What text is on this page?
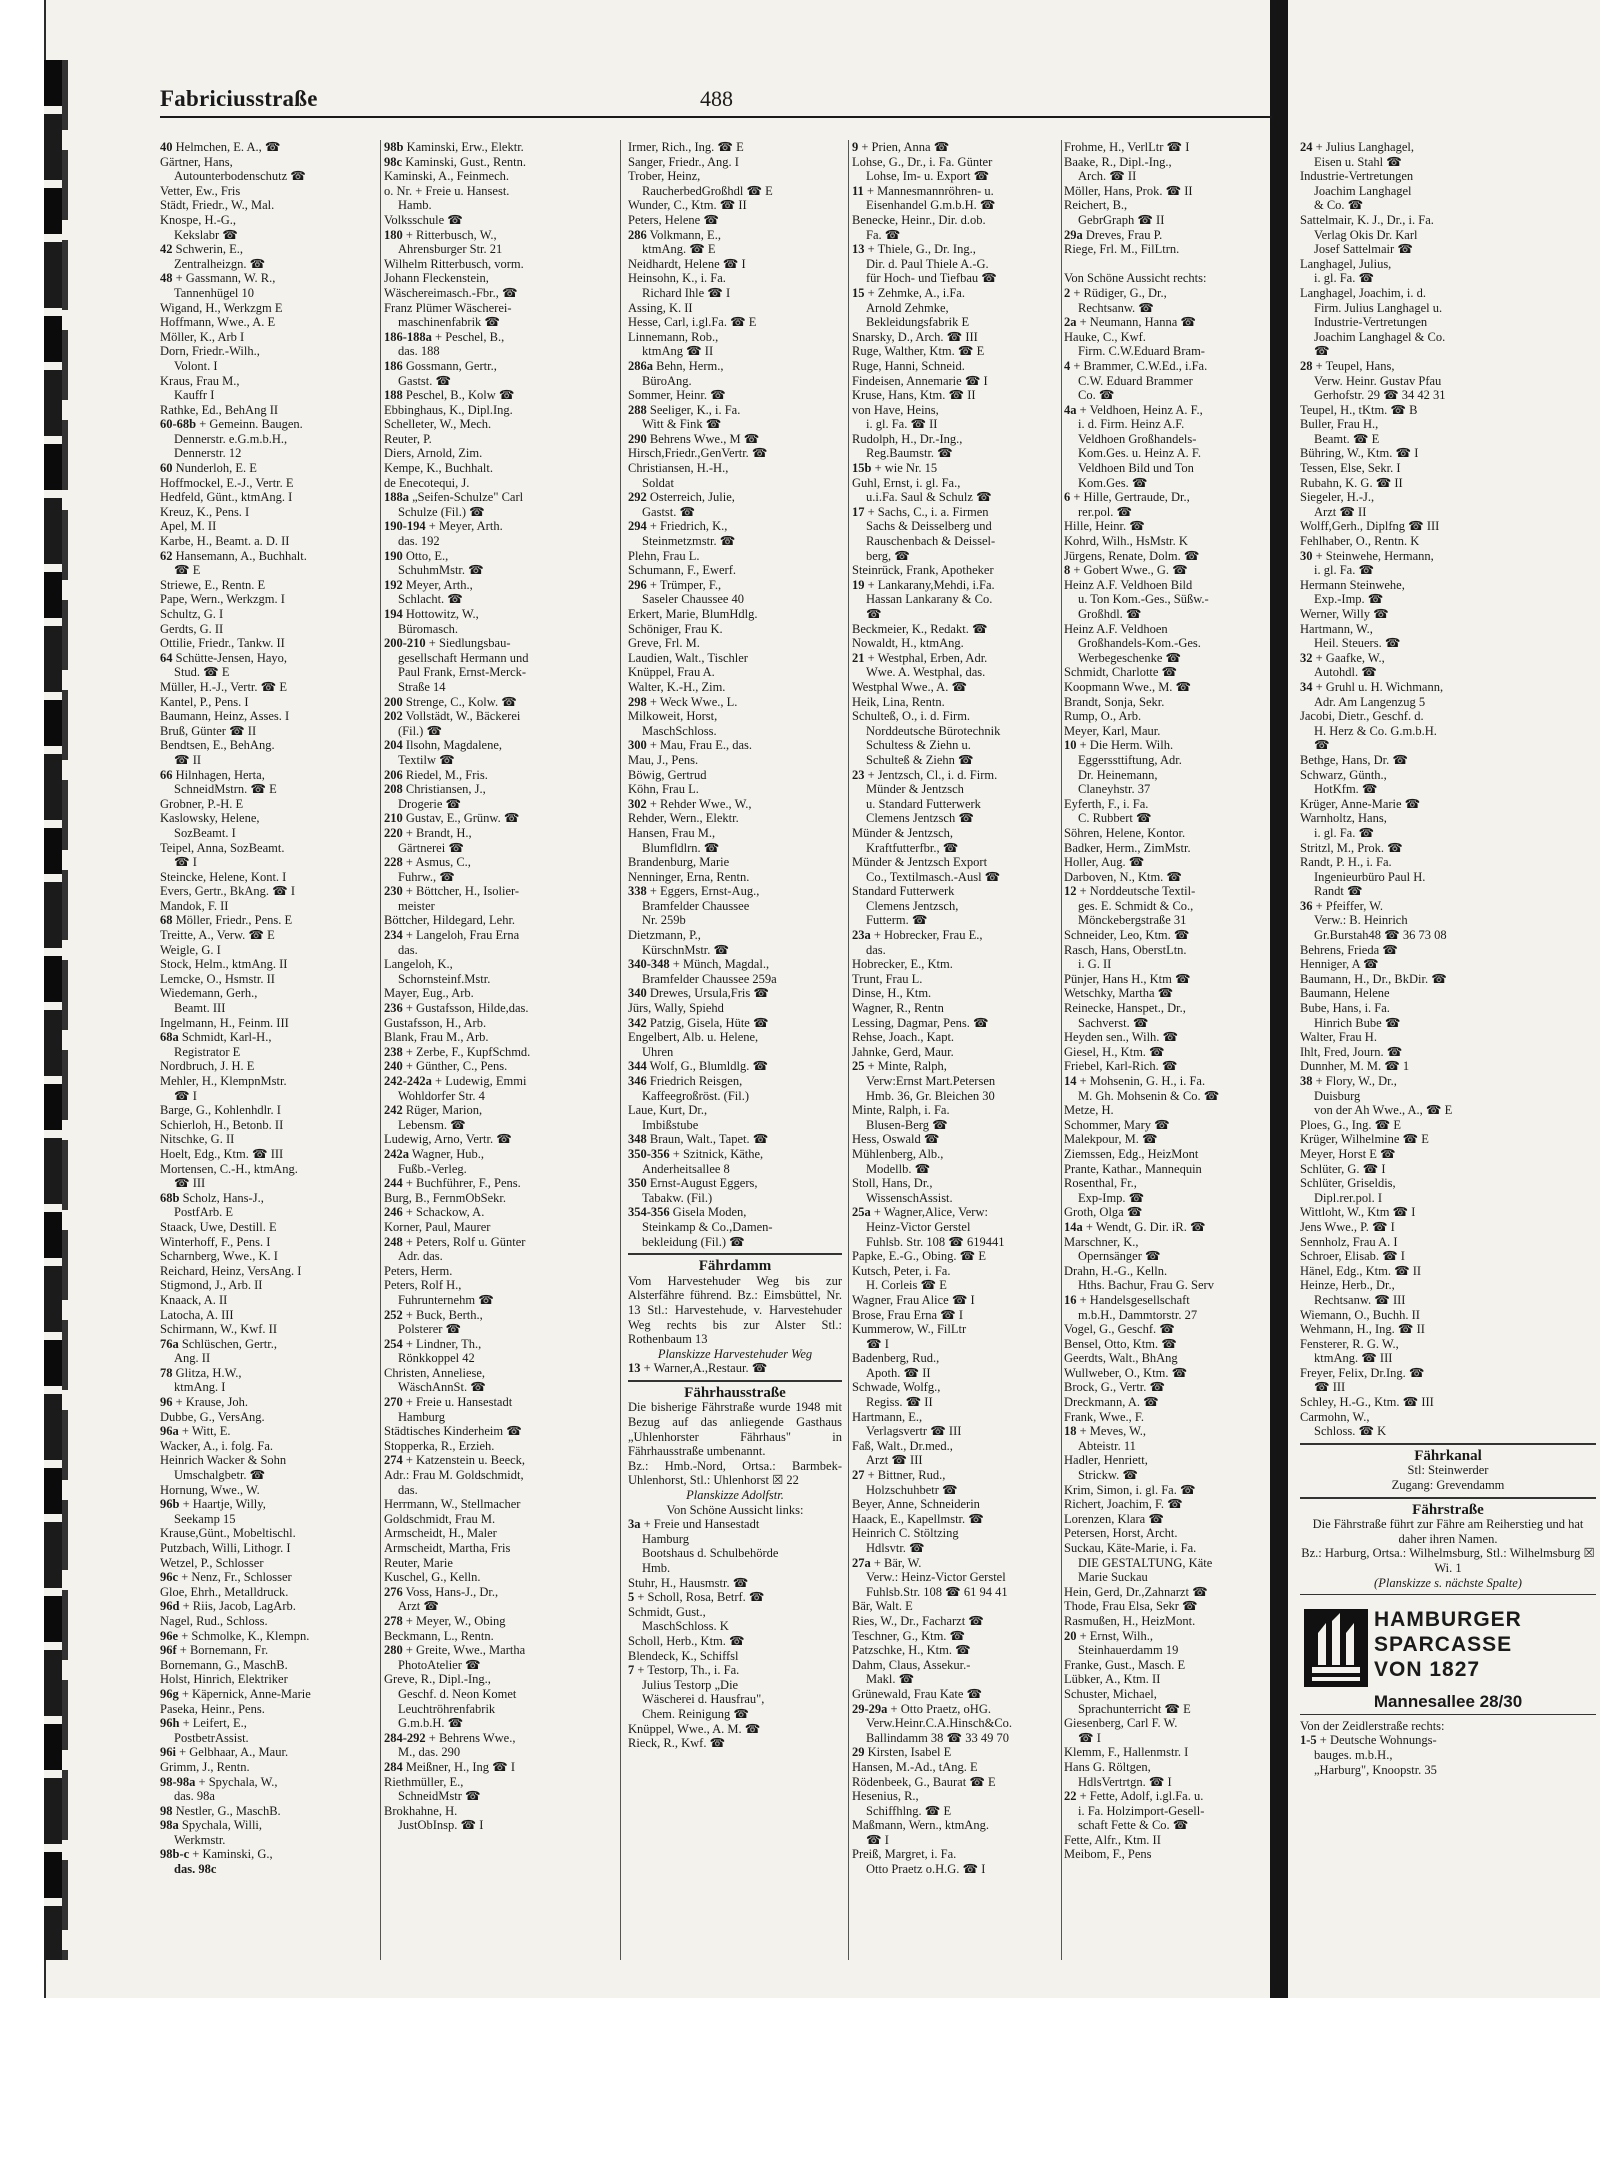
Fabriciusstraße	488

40 Helmchen, E. A., ☎

Gärtner, Hans,

Autounterbodenschutz ☎

Vetter, Ew., Fris

Städt, Friedr., W., Mal.

Knospe, H.-G.,

Kekslabr ☎

42 Schwerin, E.,

Zentralheizgn. ☎

48 + Gassmann, W. R.,

Tannenhügel 10

Wigand, H., Werkzgm E

Hoffmann, Wwe., A. E

Möller, K., Arb I

Dorn, Friedr.-Wilh.,

Volont. I

Kraus, Frau M.,

Kauffr I

Rathke, Ed., BehAng II

60-68b + Gemeinn. Baugen.

Dennerstr. e.G.m.b.H.,

Dennerstr. 12

60 Nunderloh, E. E

Hoffmockel, E.-J., Vertr. E

Hedfeld, Günt., ktmAng. I

Kreuz, K., Pens. I

Apel, M. II

Karbe, H., Beamt. a. D. II

62 Hansemann, A., Buchhalt.

☎ E

Striewe, E., Rentn. E

Pape, Wern., Werkzgm. I

Schultz, G. I

Gerdts, G. II

Ottilie, Friedr., Tankw. II

64 Schütte-Jensen, Hayo,

Stud. ☎ E

Müller, H.-J., Vertr. ☎ E

Kantel, P., Pens. I

Baumann, Heinz, Asses. I

Bruß, Günter ☎ II

Bendtsen, E., BehAng.

☎ II

66 Hilnhagen, Herta,

SchneidMstrn. ☎ E

Grobner, P.-H. E

Kaslowsky, Helene,

SozBeamt. I

Teipel, Anna, SozBeamt.

☎ I

Steincke, Helene, Kont. I

Evers, Gertr., BkAng. ☎ I

Mandok, F. II

68 Möller, Friedr., Pens. E

Treitte, A., Verw. ☎ E

Weigle, G. I

Stock, Helm., ktmAng. II

Lemcke, O., Hsmstr. II

Wiedemann, Gerh.,

Beamt. III

Ingelmann, H., Feinm. III

68a Schmidt, Karl-H.,

Registrator E

Nordbruch, J. H. E

Mehler, H., KlempnMstr.

☎ I

Barge, G., Kohlenhdlr. I

Schierloh, H., Betonb. II

Nitschke, G. II

Hoelt, Edg., Ktm. ☎ III

Mortensen, C.-H., ktmAng.

☎ III

68b Scholz, Hans-J.,

PostfArb. E

Staack, Uwe, Destill. E

Winterhoff, F., Pens. I

Scharnberg, Wwe., K. I

Reichard, Heinz, VersAng. I

Stigmond, J., Arb. II

Knaack, A. II

Latocha, A. III

Schirmann, W., Kwf. II

76a Schlüschen, Gertr.,

Ang. II

78 Glitza, H.W.,

ktmAng. I

96 + Krause, Joh.

Dubbe, G., VersAng.

96a + Witt, E.

Wacker, A., i. folg. Fa.

Heinrich Wacker & Sohn

Umschalgbetr. ☎

Hornung, Wwe., W.

96b + Haartje, Willy,

Seekamp 15

Krause,Günt., Mobeltischl.

Putzbach, Willi, Lithogr. I

Wetzel, P., Schlosser

96c + Nenz, Fr., Schlosser

Gloe, Ehrh., Metalldruck.

96d + Riis, Jacob, LagArb.

Nagel, Rud., Schloss.

96e + Schmolke, K., Klempn.

96f + Bornemann, Fr.

Bornemann, G., MaschB.

Holst, Hinrich, Elektriker

96g + Käpernick, Anne-Marie

Paseka, Heinr., Pens.

96h + Leifert, E.,

PostbetrAssist.

96i + Gelbhaar, A., Maur.

Grimm, J., Rentn.

98-98a + Spychala, W.,

das. 98a

98 Nestler, G., MaschB.

98a Spychala, Willi,

Werkmstr.

98b-c + Kaminski, G.,

das. 98c

98b Kaminski, Erw., Elektr.

98c Kaminski, Gust., Rentn.

Kaminski, A., Feinmech.

o. Nr. + Freie u. Hansest.

Hamb.

Volksschule ☎

180 + Ritterbusch, W.,

Ahrensburger Str. 21

Wilhelm Ritterbusch, vorm.

Johann Fleckenstein,

Wäschereimasch.-Fbr., ☎

Franz Plümer Wäscherei-

maschinenfabrik ☎

186-188a + Peschel, B.,

das. 188

186 Gossmann, Gertr.,

Gastst. ☎

188 Peschel, B., Kolw ☎

Ebbinghaus, K., Dipl.Ing.

Schelleter, W., Mech.

Reuter, P.

Diers, Arnold, Zim.

Kempe, K., Buchhalt.

de Enecotequi, J.

188a „Seifen-Schulze" Carl

Schulze (Fil.) ☎

190-194 + Meyer, Arth.

das. 192

190 Otto, E.,

SchuhmMstr. ☎

192 Meyer, Arth.,

Schlacht. ☎

194 Hottowitz, W.,

Büromasch.

200-210 + Siedlungsbau-

gesellschaft Hermann und

Paul Frank, Ernst-Merck-

Straße 14

200 Strenge, C., Kolw. ☎

202 Vollstädt, W., Bäckerei

(Fil.) ☎

204 Ilsohn, Magdalene,

Textilw ☎

206 Riedel, M., Fris.

208 Christiansen, J.,

Drogerie ☎

210 Gustav, E., Grünw. ☎

220 + Brandt, H.,

Gärtnerei ☎

228 + Asmus, C.,

Fuhrw., ☎

230 + Böttcher, H., Isolier-

meister

Böttcher, Hildegard, Lehr.

234 + Langeloh, Frau Erna

das.

Langeloh, K.,

Schornsteinf.Mstr.

Mayer, Eug., Arb.

236 + Gustafsson, Hilde,das.

Gustafsson, H., Arb.

Blank, Frau M., Arb.

238 + Zerbe, F., KupfSchmd.

240 + Günther, C., Pens.

242-242a + Ludewig, Emmi

Wohldorfer Str. 4

242 Rüger, Marion,

Lebensm. ☎

Ludewig, Arno, Vertr. ☎

242a Wagner, Hub.,

Fußb.-Verleg.

244 + Buchführer, F., Pens.

Burg, B., FernmObSekr.

246 + Schackow, A.

Korner, Paul, Maurer

248 + Peters, Rolf u. Günter

Adr. das.

Peters, Herm.

Peters, Rolf H.,

Fuhrunternehm ☎

252 + Buck, Berth.,

Polsterer ☎

254 + Lindner, Th.,

Rönkkoppel 42

Christen, Anneliese,

WäschAnnSt. ☎

270 + Freie u. Hansestadt

Hamburg

Städtisches Kinderheim ☎

Stopperka, R., Erzieh.

274 + Katzenstein u. Beeck,

Adr.: Frau M. Goldschmidt,

das.

Herrmann, W., Stellmacher

Goldschmidt, Frau M.

Armscheidt, H., Maler

Armscheidt, Martha, Fris

Reuter, Marie

Kuschel, G., Kelln.

276 Voss, Hans-J., Dr.,

Arzt ☎

278 + Meyer, W., Obing

Beckmann, L., Rentn.

280 + Greite, Wwe., Martha

PhotoAtelier ☎

Greve, R., Dipl.-Ing.,

Geschf. d. Neon Komet

Leuchtröhrenfabrik

G.m.b.H. ☎

284-292 + Behrens Wwe.,

M., das. 290

284 Meißner, H., Ing ☎ I

Riethmüller, E.,

SchneidMstr ☎

Brokhahne, H.

JustObInsp. ☎ I

Irmer, Rich., Ing. ☎ E

Sanger, Friedr., Ang. I

Trober, Heinz,

RaucherbedGroßhdl ☎ E

Wunder, C., Ktm. ☎ II

Peters, Helene ☎

286 Volkmann, E.,

ktmAng. ☎ E

Neidhardt, Helene ☎ I

Heinsohn, K., i. Fa.

Richard Ihle ☎ I

Assing, K. II

Hesse, Carl, i.gl.Fa. ☎ E

Linnemann, Rob.,

ktmAng ☎ II

286a Behn, Herm.,

BüroAng.

Sommer, Heinr. ☎

288 Seeliger, K., i. Fa.

Witt & Fink ☎

290 Behrens Wwe., M ☎

Hirsch,Friedr.,GenVertr. ☎

Christiansen, H.-H.,

Soldat

292 Osterreich, Julie,

Gastst. ☎

294 + Friedrich, K.,

Steinmetzmstr. ☎

Plehn, Frau L.

Schumann, F., Ewerf.

296 + Trümper, F.,

Saseler Chaussee 40

Erkert, Marie, BlumHdlg.

Schöniger, Frau K.

Greve, Frl. M.

Laudien, Walt., Tischler

Knüppel, Frau A.

Walter, K.-H., Zim.

298 + Weck Wwe., L.

Milkoweit, Horst,

MaschSchloss.

300 + Mau, Frau E., das.

Mau, J., Pens.

Böwig, Gertrud

Köhn, Frau L.

302 + Rehder Wwe., W.,

Rehder, Wern., Elektr.

Hansen, Frau M.,

Blumfldlrn. ☎

Brandenburg, Marie

Nenninger, Erna, Rentn.

338 + Eggers, Ernst-Aug.,

Bramfelder Chaussee

Nr. 259b

Dietzmann, P.,

KürschnMstr. ☎

340-348 + Münch, Magdal.,

Bramfelder Chaussee 259a

340 Drewes, Ursula,Fris ☎

Jürs, Wally, Spiehd

342 Patzig, Gisela, Hüte ☎

Engelbert, Alb. u. Helene,

Uhren

344 Wolf, G., Blumldlg. ☎

346 Friedrich Reisgen,

Kaffeegroßröst. (Fil.)

Laue, Kurt, Dr.,

Imbißstube

348 Braun, Walt., Tapet. ☎

350-356 + Szitnick, Käthe,

Anderheitsallee 8

350 Ernst-August Eggers,

Tabakw. (Fil.)

354-356 Gisela Moden,

Steinkamp & Co.,Damen-

bekleidung (Fil.) ☎

Fährdamm

Vom Harvestehuder Weg bis zur Alsterfähre führend. Bz.: Eimsbüttel, Nr. 13 Stl.: Harvestehude, v. Harvestehuder Weg rechts bis zur Alster Stl.: Rothenbaum 13

Planskizze Harvestehuder Weg

13 + Warner,A.,Restaur. ☎

Fährhausstraße

Die bisherige Fährstraße wurde 1948 mit Bezug auf das anliegende Gasthaus „Uhlenhorster Fährhaus" in Fährhausstraße umbenannt.

Bz.: Hmb.-Nord, Ortsa.: Barmbek-Uhlenhorst, Stl.: Uhlenhorst ☒ 22

Planskizze Adolfstr.

Von Schöne Aussicht links:

3a + Freie und Hansestadt

Hamburg

Bootshaus d. Schulbehörde

Hmb.

Stuhr, H., Hausmstr. ☎

5 + Scholl, Rosa, Betrf. ☎

Schmidt, Gust.,

MaschSchloss. K

Scholl, Herb., Ktm. ☎

Blendeck, K., Schiffsl

7 + Testorp, Th., i. Fa.

Julius Testorp „Die

Wäscherei d. Hausfrau",

Chem. Reinigung ☎

Knüppel, Wwe., A. M. ☎

Rieck, R., Kwf. ☎

9 + Prien, Anna ☎

Lohse, G., Dr., i. Fa. Günter

Lohse, Im- u. Export ☎

11 + Mannesmannröhren- u.

Eisenhandel G.m.b.H. ☎

Benecke, Heinr., Dir. d.ob.

Fa. ☎

13 + Thiele, G., Dr. Ing.,

Dir. d. Paul Thiele A.-G.

für Hoch- und Tiefbau ☎

15 + Zehmke, A., i.Fa.

Arnold Zehmke,

Bekleidungsfabrik E

Snarsky, D., Arch. ☎ III

Ruge, Walther, Ktm. ☎ E

Ruge, Hanni, Schneid.

Findeisen, Annemarie ☎ I

Kruse, Hans, Ktm. ☎ II

von Have, Heins,

i. gl. Fa. ☎ II

Rudolph, H., Dr.-Ing.,

Reg.Baumstr. ☎

15b + wie Nr. 15

Guhl, Ernst, i. gl. Fa.,

u.i.Fa. Saul & Schulz ☎

17 + Sachs, C., i. a. Firmen

Sachs & Deisselberg und

Rauschenbach & Deissel-

berg, ☎

Steinrück, Frank, Apotheker

19 + Lankarany,Mehdi, i.Fa.

Hassan Lankarany & Co.

☎

Beckmeier, K., Redakt. ☎

Nowaldt, H., ktmAng.

21 + Westphal, Erben, Adr.

Wwe. A. Westphal, das.

Westphal Wwe., A. ☎

Heik, Lina, Rentn.

Schulteß, O., i. d. Firm.

Norddeutsche Bürotechnik

Schultess & Ziehn u.

Schulteß & Ziehn ☎

23 + Jentzsch, Cl., i. d. Firm.

Münder & Jentzsch

u. Standard Futterwerk

Clemens Jentzsch ☎

Münder & Jentzsch,

Kraftfutterfbr., ☎

Münder & Jentzsch Export

Co., Textilmasch.-Ausl ☎

Standard Futterwerk

Clemens Jentzsch,

Futterm. ☎

23a + Hobrecker, Frau E.,

das.

Hobrecker, E., Ktm.

Trunt, Frau L.

Dinse, H., Ktm.

Wagner, R., Rentn

Lessing, Dagmar, Pens. ☎

Rehse, Joach., Kapt.

Jahnke, Gerd, Maur.

25 + Minte, Ralph,

Verw:Ernst Mart.Petersen

Hmb. 36, Gr. Bleichen 30

Minte, Ralph, i. Fa.

Blusen-Berg ☎

Hess, Oswald ☎

Mühlenberg, Alb.,

Modellb. ☎

Stoll, Hans, Dr.,

WissenschAssist.

25a + Wagner,Alice, Verw:

Heinz-Victor Gerstel

Fuhlsb. Str. 108 ☎ 619441

Papke, E.-G., Obing. ☎ E

Kutsch, Peter, i. Fa.

H. Corleis ☎ E

Wagner, Frau Alice ☎ I

Brose, Frau Erna ☎ I

Kummerow, W., FilLtr

☎ I

Badenberg, Rud.,

Apoth. ☎ II

Schwade, Wolfg.,

Regiss. ☎ II

Hartmann, E.,

Verlagsvertr ☎ III

Faß, Walt., Dr.med.,

Arzt ☎ III

27 + Bittner, Rud.,

Holzschuhbetr ☎

Beyer, Anne, Schneiderin

Haack, E., Kapellmstr. ☎

Heinrich C. Stöltzing

Hdlsvtr. ☎

27a + Bär, W.

Verw.: Heinz-Victor Gerstel

Fuhlsb.Str. 108 ☎ 61 94 41

Bär, Walt. E

Ries, W., Dr., Facharzt ☎

Teschner, G., Ktm. ☎

Patzschke, H., Ktm. ☎

Dahm, Claus, Assekur.-

Makl. ☎

Grünewald, Frau Kate ☎

29-29a + Otto Praetz, oHG.

Verw.Heinr.C.A.Hinsch&Co.

Ballindamm 38 ☎ 33 49 70

29 Kirsten, Isabel E

Hansen, M.-Ad., tAng. E

Rödenbeek, G., Baurat ☎ E

Hesenius, R.,

Schiffhlng. ☎ E

Maßmann, Wern., ktmAng.

☎ I

Preiß, Margret, i. Fa.

Otto Praetz o.H.G. ☎ I

Frohme, H., VerlLtr ☎ I

Baake, R., Dipl.-Ing.,

Arch. ☎ II

Möller, Hans, Prok. ☎ II

Reichert, B.,

GebrGraph ☎ II

29a Dreves, Frau P.

Riege, Frl. M., FilLtrn.

Von Schöne Aussicht rechts:

2 + Rüdiger, G., Dr.,

Rechtsanw. ☎

2a + Neumann, Hanna ☎

Hauke, C., Kwf.

Firm. C.W.Eduard Bram-

4 + Brammer, C.W.Ed., i.Fa.

C.W. Eduard Brammer

Co. ☎

4a + Veldhoen, Heinz A. F.,

i. d. Firm. Heinz A.F.

Veldhoen Großhandels-

Kom.Ges. u. Heinz A. F.

Veldhoen Bild und Ton

Kom.Ges. ☎

6 + Hille, Gertraude, Dr.,

rer.pol. ☎

Hille, Heinr. ☎

Kohrd, Wilh., HsMstr. K

Jürgens, Renate, Dolm. ☎

8 + Gobert Wwe., G. ☎

Heinz A.F. Veldhoen Bild

u. Ton Kom.-Ges., Süßw.-

Großhdl. ☎

Heinz A.F. Veldhoen

Großhandels-Kom.-Ges.

Werbegeschenke ☎

Schmidt, Charlotte ☎

Koopmann Wwe., M. ☎

Brandt, Sonja, Sekr.

Rump, O., Arb.

Meyer, Karl, Maur.

10 + Die Herm. Wilh.

Eggerssttiftung, Adr.

Dr. Heinemann,

Claneyhstr. 37

Eyferth, F., i. Fa.

C. Rubbert ☎

Söhren, Helene, Kontor.

Badker, Herm., ZimMstr.

Holler, Aug. ☎

Darboven, N., Ktm. ☎

12 + Norddeutsche Textil-

ges. E. Schmidt & Co.,

Mönckebergstraße 31

Schneider, Leo, Ktm. ☎

Rasch, Hans, OberstLtn.

i. G. II

Pünjer, Hans H., Ktm ☎

Wetschky, Martha ☎

Reinecke, Hanspet., Dr.,

Sachverst. ☎

Heyden sen., Wilh. ☎

Giesel, H., Ktm. ☎

Friebel, Karl-Rich. ☎

14 + Mohsenin, G. H., i. Fa.

M. Gh. Mohsenin & Co. ☎

Metze, H.

Schommer, Mary ☎

Malekpour, M. ☎

Ziemssen, Edg., HeizMont

Prante, Kathar., Mannequin

Rosenthal, Fr.,

Exp-Imp. ☎

Groth, Olga ☎

14a + Wendt, G. Dir. iR. ☎

Marschner, K.,

Opernsänger ☎

Drahn, H.-G., Kelln.

Hths. Bachur, Frau G. Serv

16 + Handelsgesellschaft

m.b.H., Dammtorstr. 27

Vogel, G., Geschf. ☎

Bensel, Otto, Ktm. ☎

Geerdts, Walt., BhAng

Wullweber, O., Ktm. ☎

Brock, G., Vertr. ☎

Dreckmann, A. ☎

Frank, Wwe., F.

18 + Meves, W.,

Abteistr. 11

Hadler, Henriett,

Strickw. ☎

Krim, Simon, i. gl. Fa. ☎

Richert, Joachim, F. ☎

Lorenzen, Klara ☎

Petersen, Horst, Archt.

Suckau, Käte-Marie, i. Fa.

DIE GESTALTUNG, Käte

Marie Suckau

Hein, Gerd, Dr.,Zahnarzt ☎

Thode, Frau Elsa, Sekr ☎

Rasmußen, H., HeizMont.

20 + Ernst, Wilh.,

Steinhauerdamm 19

Franke, Gust., Masch. E

Lübker, A., Ktm. II

Schuster, Michael,

Sprachunterricht ☎ E

Giesenberg, Carl F. W.

☎ I

Klemm, F., Hallenmstr. I

Hans G. Röltgen,

HdlsVertrtgn. ☎ I

22 + Fette, Adolf, i.gl.Fa. u.

i. Fa. Holzimport-Gesell-

schaft Fette & Co. ☎

Fette, Alfr., Ktm. II

Meibom, F., Pens

24 + Julius Langhagel,

Eisen u. Stahl ☎

Industrie-Vertretungen

Joachim Langhagel

& Co. ☎

Sattelmair, K. J., Dr., i. Fa.

Verlag Okis Dr. Karl

Josef Sattelmair ☎

Langhagel, Julius,

i. gl. Fa. ☎

Langhagel, Joachim, i. d.

Firm. Julius Langhagel u.

Industrie-Vertretungen

Joachim Langhagel & Co.

☎

28 + Teupel, Hans,

Verw. Heinr. Gustav Pfau

Gerhofstr. 29 ☎ 34 42 31

Teupel, H., tKtm. ☎ B

Buller, Frau H.,

Beamt. ☎ E

Bühring, W., Ktm. ☎ I

Tessen, Else, Sekr. I

Rubahn, K. G. ☎ II

Siegeler, H.-J.,

Arzt ☎ II

Wolff,Gerh., Diplfng ☎ III

Fehlhaber, O., Rentn. K

30 + Steinwehe, Hermann,

i. gl. Fa. ☎

Hermann Steinwehe,

Exp.-Imp. ☎

Werner, Willy ☎

Hartmann, W.,

Heil. Steuers. ☎

32 + Gaafke, W.,

Autohdl. ☎

34 + Gruhl u. H. Wichmann,

Adr. Am Langenzug 5

Jacobi, Dietr., Geschf. d.

H. Herz & Co. G.m.b.H.

☎

Bethge, Hans, Dr. ☎

Schwarz, Günth.,

HotKfm. ☎

Krüger, Anne-Marie ☎

Warnholtz, Hans,

i. gl. Fa. ☎

Stritzl, M., Prok. ☎

Randt, P. H., i. Fa.

Ingenieurbüro Paul H.

Randt ☎

36 + Pfeiffer, W.

Verw.: B. Heinrich

Gr.Burstah48 ☎ 36 73 08

Behrens, Frieda ☎

Henniger, A ☎

Baumann, H., Dr., BkDir. ☎

Baumann, Helene

Bube, Hans, i. Fa.

Hinrich Bube ☎

Walter, Frau H.

Ihlt, Fred, Journ. ☎

Dunnher, M. M. ☎ 1

38 + Flory, W., Dr.,

Duisburg

von der Ah Wwe., A., ☎ E

Ploes, G., Ing. ☎ E

Krüger, Wilhelmine ☎ E

Meyer, Horst E ☎

Schlüter, G. ☎ I

Schlüter, Griseldis,

Dipl.rer.pol. I

Wittloht, W., Ktm ☎ I

Jens Wwe., P. ☎ I

Sennholz, Frau A. I

Schroer, Elisab. ☎ I

Hänel, Edg., Ktm. ☎ II

Heinze, Herb., Dr.,

Rechtsanw. ☎ III

Wiemann, O., Buchh. II

Wehmann, H., Ing. ☎ II

Fensterer, R. G. W.,

ktmAng. ☎ III

Freyer, Felix, Dr.Ing. ☎

☎ III

Schley, H.-G., Ktm. ☎ III

Carmohn, W.,

Schloss. ☎ K

Fährkanal

Stl: Steinwerder

Zugang: Grevendamm

Fährstraße

Die Fährstraße führt zur Fähre am Reiherstieg und hat daher ihren Namen.

Bz.: Harburg, Ortsa.: Wilhelmsburg, Stl.: Wilhelmsburg ☒ Wi. 1

(Planskizze s. nächste Spalte)

HAMBURGER
SPARCASSE
VON 1827

Mannesallee 28/30

Von der Zeidlerstraße rechts:

1-5 + Deutsche Wohnungs-

bauges. m.b.H.,

„Harburg", Knoopstr. 35
